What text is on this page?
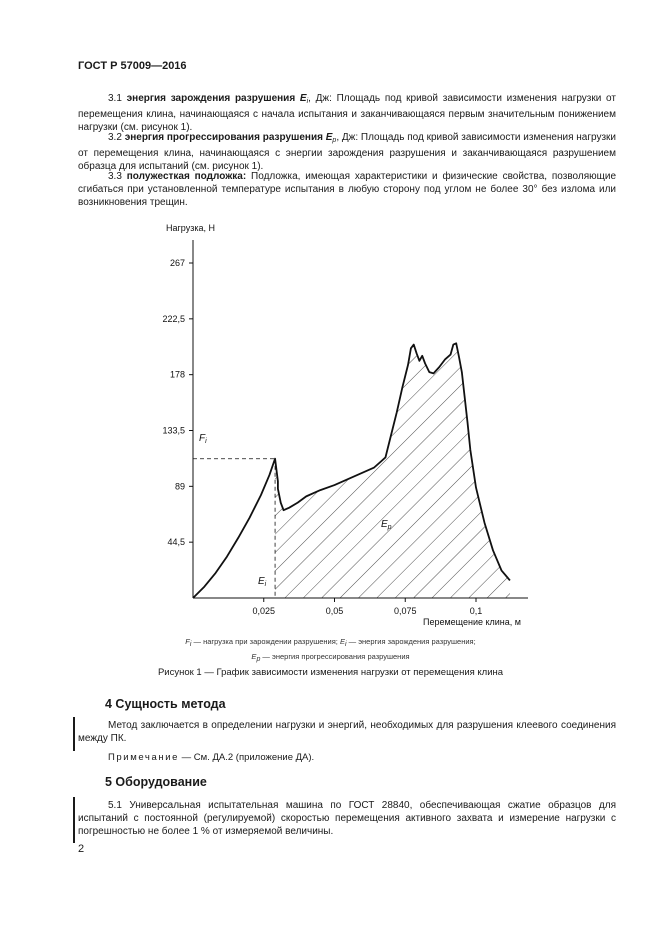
ГОСТ Р 57009—2016
3.1 энергия зарождения разрушения $E_i$, Дж: Площадь под кривой зависимости изменения нагрузки от перемещения клина, начинающаяся с начала испытания и заканчивающаяся первым значительным понижением нагрузки (см. рисунок 1).
3.2 энергия прогрессирования разрушения $E_p$, Дж: Площадь под кривой зависимости изменения нагрузки от перемещения клина, начинающаяся с энергии зарождения разрушения и заканчивающаяся разрушением образца для испытаний (см. рисунок 1).
3.3 полужесткая подложка: Подложка, имеющая характеристики и физические свойства, позволяющие сгибаться при установленной температуре испытания в любую сторону под углом не более 30° без излома или возникновения трещин.
267
222,5
178
133,5
89
44,5
0,025	0,05	0,075	0,1
Нагрузка, Н
Перемещение клина, м
$F_i$
$E_i$
$E_p$
Fi — нагрузка при зарождении разрушения; Ei — энергия зарождения разрушения;
Ep — энергия прогрессирования разрушения
Рисунок 1 — График зависимости изменения нагрузки от перемещения клина
4 Сущность метода
Метод заключается в определении нагрузки и энергий, необходимых для разрушения клеевого соединения между ПК.
Примечание — См. ДА.2 (приложение ДА).
5 Оборудование
5.1 Универсальная испытательная машина по ГОСТ 28840, обеспечивающая сжатие образцов для испытаний с постоянной (регулируемой) скоростью перемещения активного захвата и измерение нагрузки с погрешностью не более 1 % от измеряемой величины.
2
